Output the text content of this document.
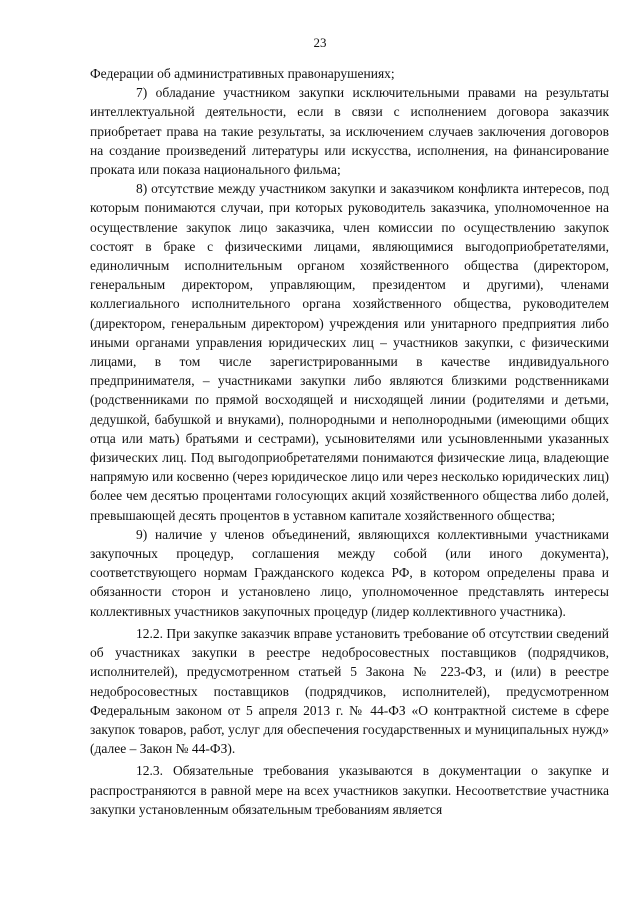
23

Федерации об административных правонарушениях;

7) обладание участником закупки исключительными правами на результаты интеллектуальной деятельности, если в связи с исполнением договора заказчик приобретает права на такие результаты, за исключением случаев заключения договоров на создание произведений литературы или искусства, исполнения, на финансирование проката или показа национального фильма;

8) отсутствие между участником закупки и заказчиком конфликта интересов, под которым понимаются случаи, при которых руководитель заказчика, уполномоченное на осуществление закупок лицо заказчика, член комиссии по осуществлению закупок состоят в браке с физическими лицами, являющимися выгодоприобретателями, единоличным исполнительным органом хозяйственного общества (директором, генеральным директором, управляющим, президентом и другими), членами коллегиального исполнительного органа хозяйственного общества, руководителем (директором, генеральным директором) учреждения или унитарного предприятия либо иными органами управления юридических лиц – участников закупки, с физическими лицами, в том числе зарегистрированными в качестве индивидуального предпринимателя, – участниками закупки либо являются близкими родственниками (родственниками по прямой восходящей и нисходящей линии (родителями и детьми, дедушкой, бабушкой и внуками), полнородными и неполнородными (имеющими общих отца или мать) братьями и сестрами), усыновителями или усыновленными указанных физических лиц. Под выгодоприобретателями понимаются физические лица, владеющие напрямую или косвенно (через юридическое лицо или через несколько юридических лиц) более чем десятью процентами голосующих акций хозяйственного общества либо долей, превышающей десять процентов в уставном капитале хозяйственного общества;

9) наличие у членов объединений, являющихся коллективными участниками закупочных процедур, соглашения между собой (или иного документа), соответствующего нормам Гражданского кодекса РФ, в котором определены права и обязанности сторон и установлено лицо, уполномоченное представлять интересы коллективных участников закупочных процедур (лидер коллективного участника).

12.2. При закупке заказчик вправе установить требование об отсутствии сведений об участниках закупки в реестре недобросовестных поставщиков (подрядчиков, исполнителей), предусмотренном статьей 5 Закона № 223-ФЗ, и (или) в реестре недобросовестных поставщиков (подрядчиков, исполнителей), предусмотренном Федеральным законом от 5 апреля 2013 г. № 44-ФЗ «О контрактной системе в сфере закупок товаров, работ, услуг для обеспечения государственных и муниципальных нужд» (далее – Закон № 44-ФЗ).

12.3. Обязательные требования указываются в документации о закупке и распространяются в равной мере на всех участников закупки. Несоответствие участника закупки установленным обязательным требованиям является
